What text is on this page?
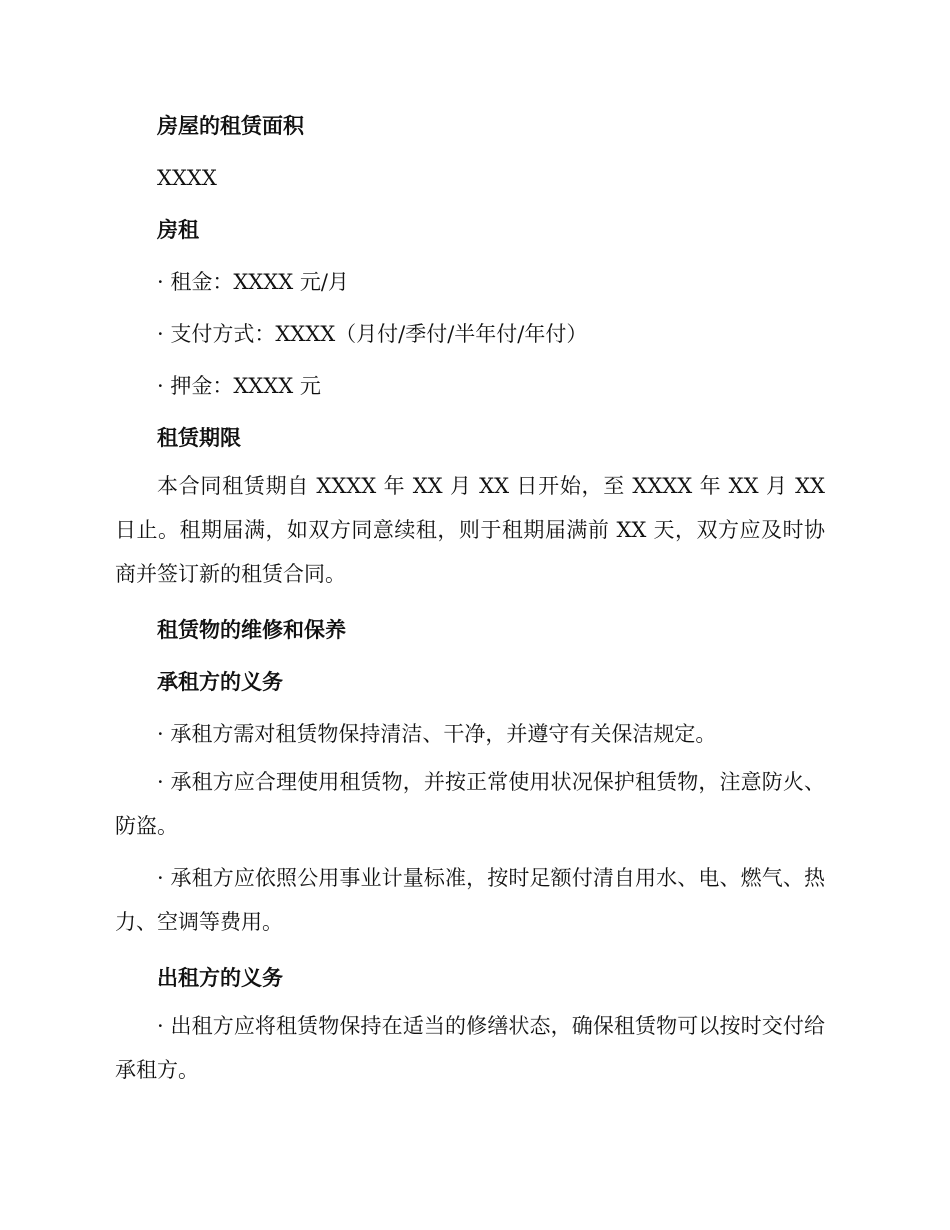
房屋的租赁面积

XXXX

房租

· 租金：XXXX 元/月

· 支付方式：XXXX（月付/季付/半年付/年付）

· 押金：XXXX 元

租赁期限

本合同租赁期自 XXXX 年 XX 月 XX 日开始，至 XXXX 年 XX 月 XX 日止。租期届满，如双方同意续租，则于租期届满前 XX 天，双方应及时协商并签订新的租赁合同。

租赁物的维修和保养

承租方的义务

· 承租方需对租赁物保持清洁、干净，并遵守有关保洁规定。

· 承租方应合理使用租赁物，并按正常使用状况保护租赁物，注意防火、防盗。

· 承租方应依照公用事业计量标准，按时足额付清自用水、电、燃气、热力、空调等费用。

出租方的义务

· 出租方应将租赁物保持在适当的修缮状态，确保租赁物可以按时交付给承租方。
